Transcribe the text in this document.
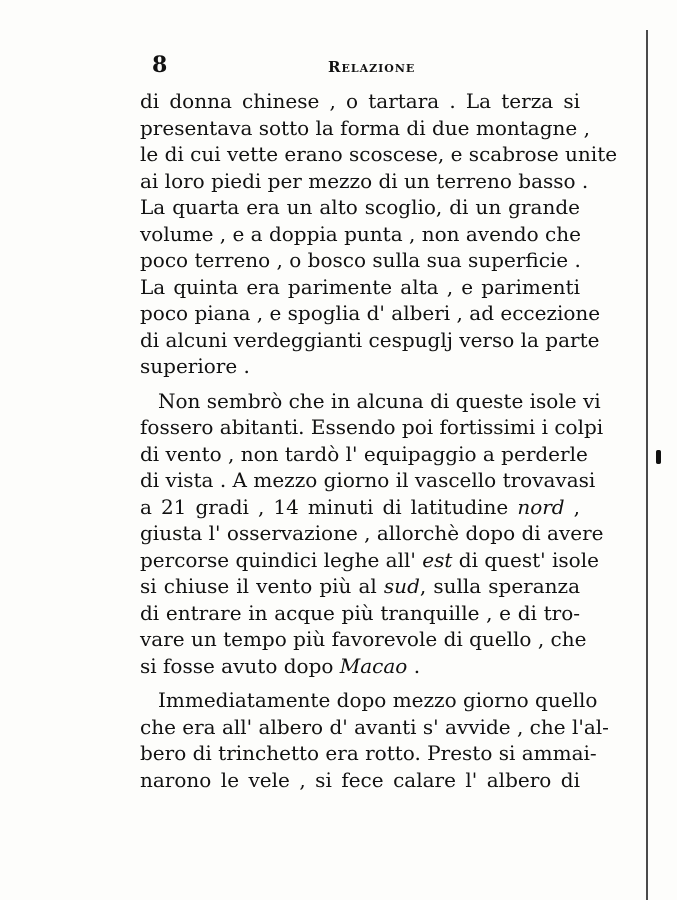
8	Relazione
di donna chinese , o tartara . La terza si
presentava sotto la forma di due montagne ,
le di cui vette erano scoscese, e scabrose unite
ai loro piedi per mezzo di un terreno basso .
La quarta era un alto scoglio, di un grande
volume , e a doppia punta , non avendo che
poco terreno , o bosco sulla sua superficie .
La quinta era parimente alta , e parimenti
poco piana , e spoglia d' alberi , ad eccezione
di alcuni verdeggianti cespuglj verso la parte
superiore .
Non sembrò che in alcuna di queste isole vi
fossero abitanti. Essendo poi fortissimi i colpi
di vento , non tardò l' equipaggio a perderle
di vista . A mezzo giorno il vascello trovavasi
a 21 gradi , 14 minuti di latitudine nord ,
giusta l' osservazione , allorchè dopo di avere
percorse quindici leghe all' est di quest' isole
si chiuse il vento più al sud, sulla speranza
di entrare in acque più tranquille , e di tro-
vare un tempo più favorevole di quello , che
si fosse avuto dopo Macao .
Immediatamente dopo mezzo giorno quello
che era all' albero d' avanti s' avvide , che l'al-
bero di trinchetto era rotto. Presto si ammai-
narono le vele , si fece calare l' albero di
